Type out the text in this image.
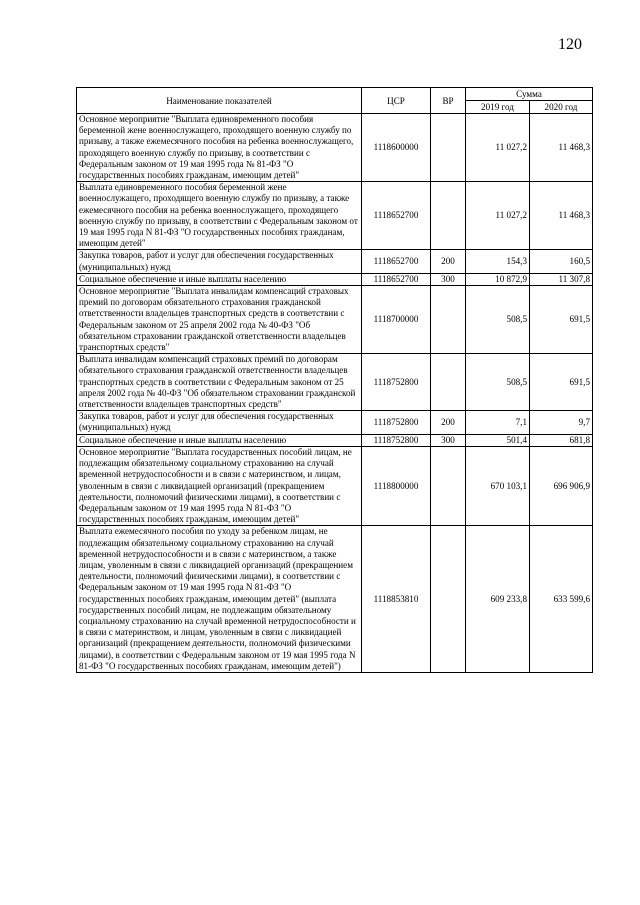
120
Наименование показателей	ЦСР	ВР	Сумма	
			2019 год	2020 год
Основное мероприятие "Выплата единовременного пособия беременной жене военнослужащего, проходящего военную службу по призыву, а также ежемесячного пособия на ребенка военнослужащего, проходящего военную службу по призыву, в соответствии с Федеральным законом от 19 мая 1995 года № 81-ФЗ "О государственных пособиях гражданам, имеющим детей"	1118600000		11 027,2	11 468,3
Выплата единовременного пособия беременной жене военнослужащего, проходящего военную службу по призыву, а также ежемесячного пособия на ребенка военнослужащего, проходящего военную службу по призыву, в соответствии с Федеральным законом от 19 мая 1995 года N 81-ФЗ "О государственных пособиях гражданам, имеющим детей"	1118652700		11 027,2	11 468,3
Закупка товаров, работ и услуг для обеспечения государственных (муниципальных) нужд	1118652700	200	154,3	160,5
Социальное обеспечение и иные выплаты населению	1118652700	300	10 872,9	11 307,8
Основное мероприятие "Выплата инвалидам компенсаций страховых премий по договорам обязательного страхования гражданской ответственности владельцев транспортных средств в соответствии с Федеральным законом от 25 апреля 2002 года № 40-ФЗ "Об обязательном страховании гражданской ответственности владельцев транспортных средств"	1118700000		508,5	691,5
Выплата инвалидам компенсаций страховых премий по договорам обязательного страхования гражданской ответственности владельцев транспортных средств в соответствии с Федеральным законом от 25 апреля 2002 года № 40-ФЗ "Об обязательном страховании гражданской ответственности владельцев транспортных средств"	1118752800		508,5	691,5
Закупка товаров, работ и услуг для обеспечения государственных (муниципальных) нужд	1118752800	200	7,1	9,7
Социальное обеспечение и иные выплаты населению	1118752800	300	501,4	681,8
Основное мероприятие "Выплата государственных пособий лицам, не подлежащим обязательному социальному страхованию на случай временной нетрудоспособности и в связи с материнством, и лицам, уволенным в связи с ликвидацией организаций (прекращением деятельности, полномочий физическими лицами), в соответствии с Федеральным законом от 19 мая 1995 года N 81-ФЗ "О государственных пособиях гражданам, имеющим детей"	1118800000		670 103,1	696 906,9
Выплата ежемесячного пособия по уходу за ребенком лицам, не подлежащим обязательному социальному страхованию на случай временной нетрудоспособности и в связи с материнством, а также лицам, уволенным в связи с ликвидацией организаций (прекращением деятельности, полномочий физическими лицами), в соответствии с Федеральным законом от 19 мая 1995 года N 81-ФЗ "О государственных пособиях гражданам, имеющим детей" (выплата государственных пособий лицам, не подлежащим обязательному социальному страхованию на случай временной нетрудоспособности и в связи с материнством, и лицам, уволенным в связи с ликвидацией организаций (прекращением деятельности, полномочий физическими лицами), в соответствии с Федеральным законом от 19 мая 1995 года N 81-ФЗ "О государственных пособиях гражданам, имеющим детей")	1118853810		609 233,8	633 599,6
